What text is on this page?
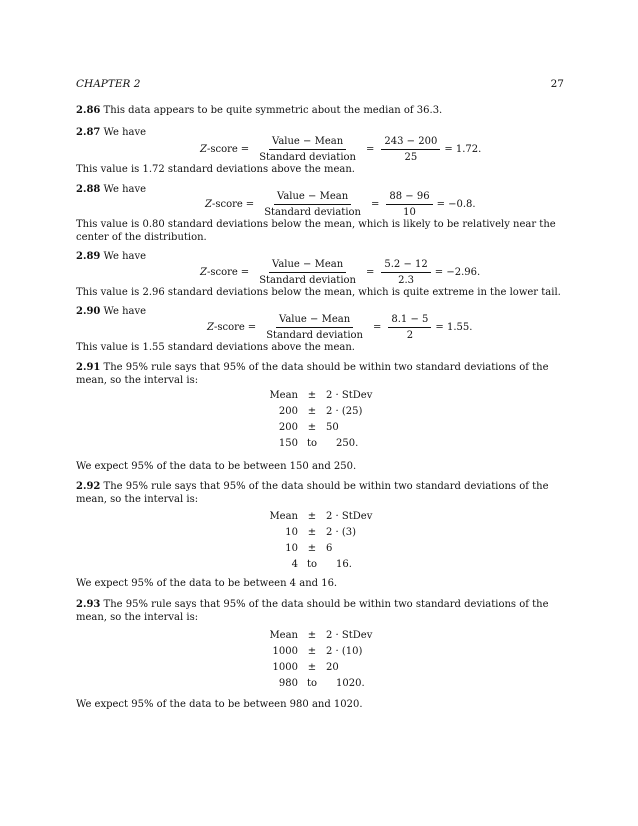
CHAPTER 2	27
2.86 This data appears to be quite symmetric about the median of 36.3.
2.87 We have
Z -score = $\frac{\text{Value − Mean}}{\text{Standard deviation}} = \frac{243 - 200}{25} = 1.72$.
This value is 1.72 standard deviations above the mean.
2.88 We have
Z -score = $\frac{\text{Value − Mean}}{\text{Standard deviation}} = \frac{88 - 96}{10} = -0.8$.
This value is 0.80 standard deviations below the mean, which is likely to be relatively near the center of the distribution.
2.89 We have
Z -score = $\frac{\text{Value − Mean}}{\text{Standard deviation}} = \frac{5.2 - 12}{2.3} = -2.96$.
This value is 2.96 standard deviations below the mean, which is quite extreme in the lower tail.
2.90 We have
Z -score = $\frac{\text{Value − Mean}}{\text{Standard deviation}} = \frac{8.1 - 5}{2} = 1.55$.
This value is 1.55 standard deviations above the mean.
2.91 The 95% rule says that 95% of the data should be within two standard deviations of the mean, so the interval is:
Mean	±	2 · StDev
200	±	2 · (25)
200	±	50
150	to	250.
We expect 95% of the data to be between 150 and 250.
2.92 The 95% rule says that 95% of the data should be within two standard deviations of the mean, so the interval is:
Mean	±	2 · StDev
10	±	2 · (3)
10	±	6
4	to	16.
We expect 95% of the data to be between 4 and 16.
2.93 The 95% rule says that 95% of the data should be within two standard deviations of the mean, so the interval is:
Mean	±	2 · StDev
1000	±	2 · (10)
1000	±	20
980	to	1020.
We expect 95% of the data to be between 980 and 1020.
